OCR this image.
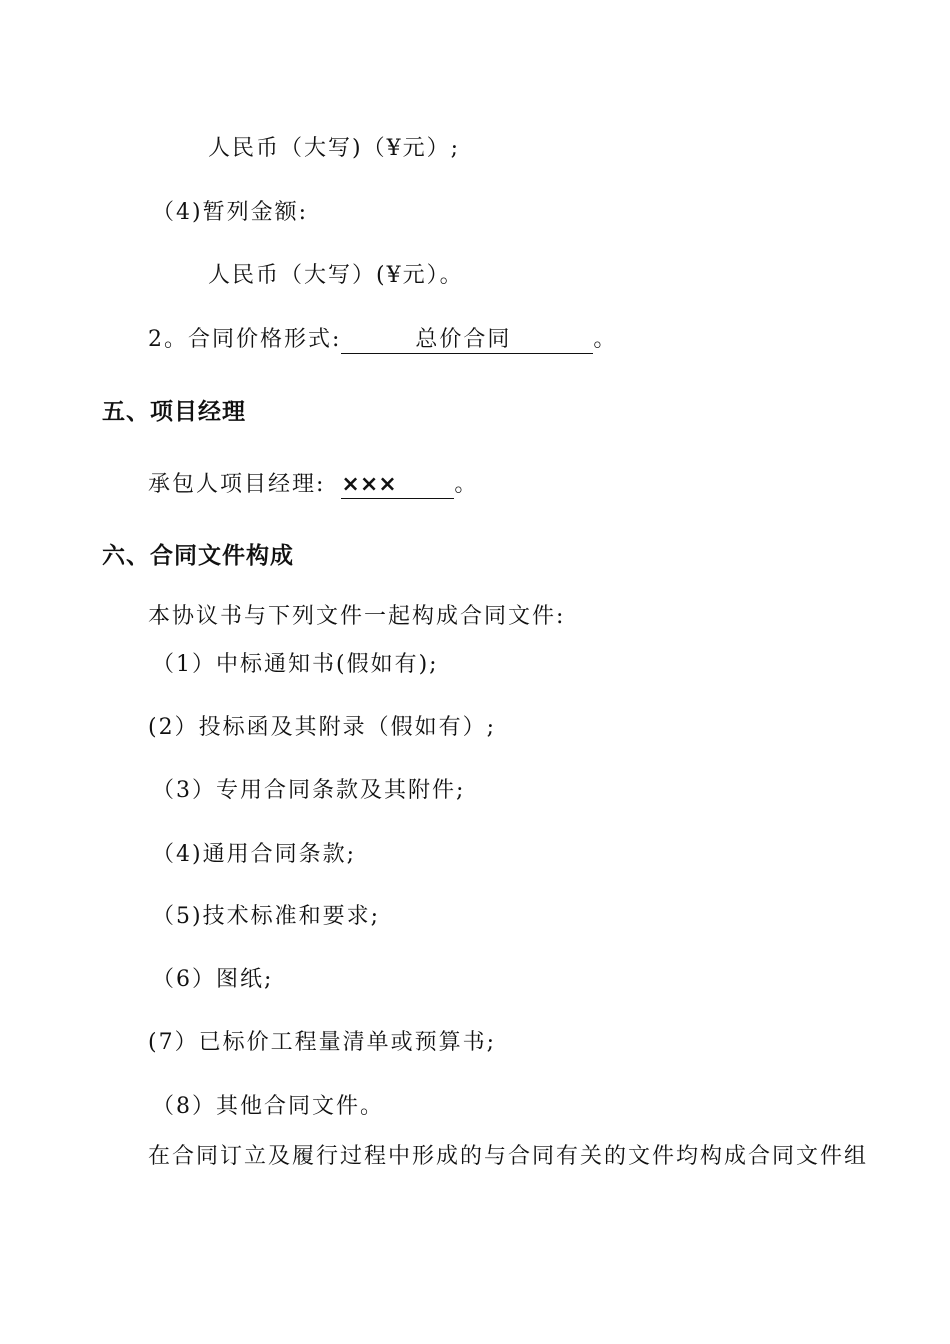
人民币（大写)（¥元）;
（4)暂列金额:
人民币（大写）(¥元）。
2。合同价格形式:	总价合同	。
五、项目经理
承包人项目经理: ×××	。
六、合同文件构成
本协议书与下列文件一起构成合同文件:
（1）中标通知书(假如有);
(2）投标函及其附录（假如有）;
（3）专用合同条款及其附件;
（4)通用合同条款;
（5)技术标准和要求;
（6）图纸;
(7）已标价工程量清单或预算书;
（8）其他合同文件。
在合同订立及履行过程中形成的与合同有关的文件均构成合同文件组
